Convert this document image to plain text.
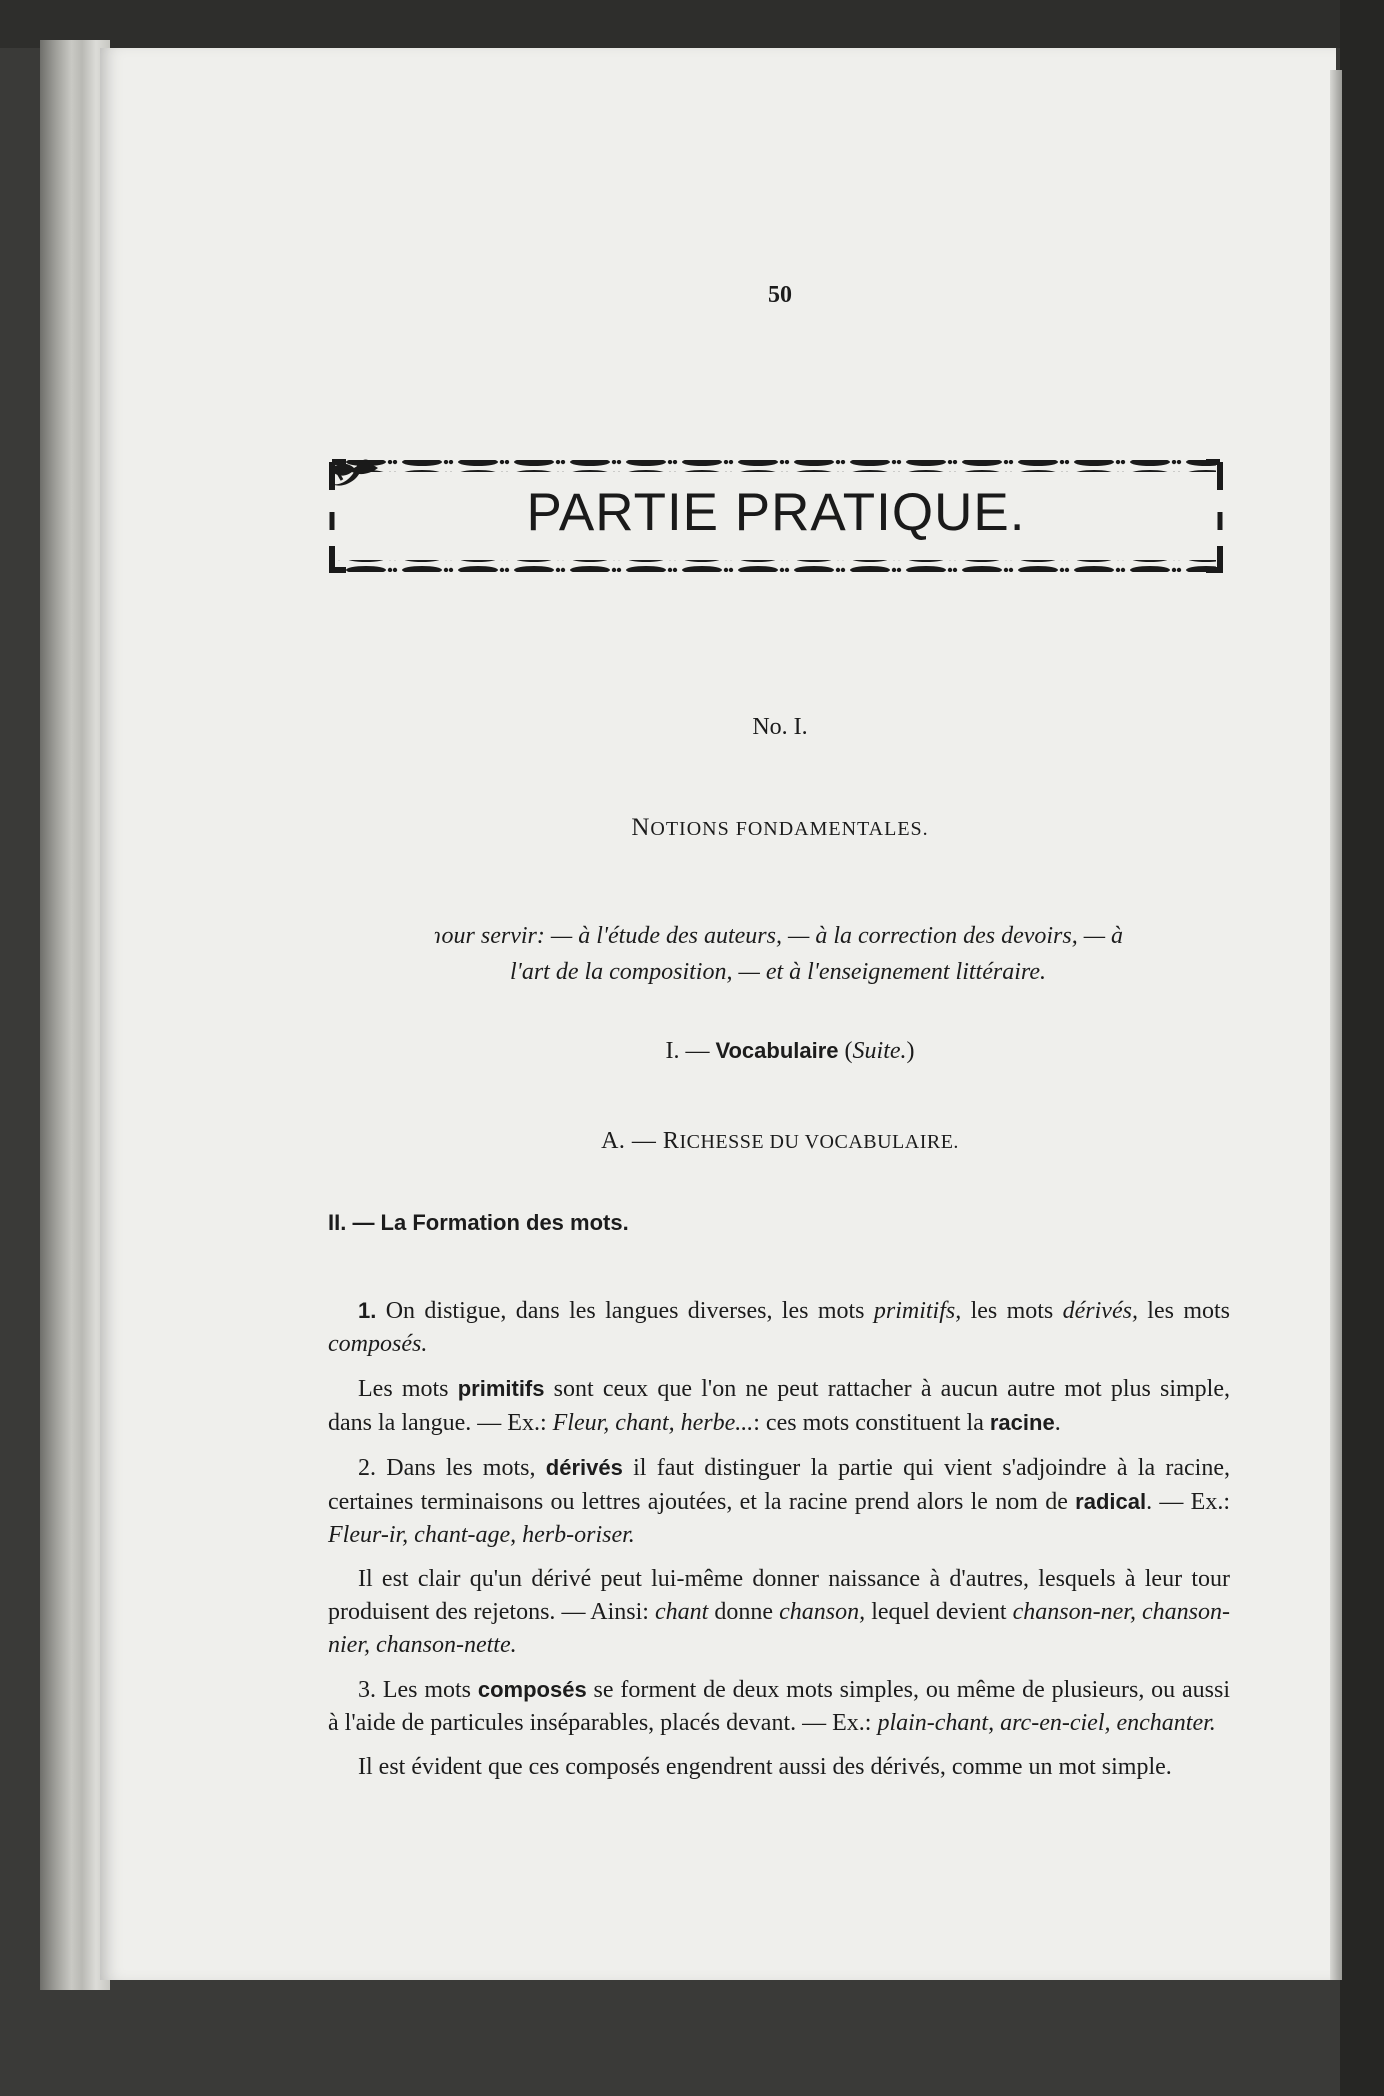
50
PARTIE PRATIQUE.
No. I.
NOTIONS FONDAMENTALES.
ɿour servir: — à l'étude des auteurs, — à la correction des devoirs, — à
l'art de la composition, — et à l'enseignement littéraire.
I. — Vocabulaire (Suite.)
A. — RICHESSE DU VOCABULAIRE.
II. — La Formation des mots.

1. On distigue, dans les langues diverses, les mots primitifs, les mots dérivés, les mots composés.

Les mots primitifs sont ceux que l'on ne peut rattacher à aucun autre mot plus simple, dans la langue. — Ex.: Fleur, chant, herbe...: ces mots constituent la racine.

2. Dans les mots, dérivés il faut distinguer la partie qui vient s'adjoindre à la racine, certaines terminaisons ou lettres ajoutées, et la racine prend alors le nom de radical. — Ex.: Fleur-ir, chant-age, herb-oriser.

Il est clair qu'un dérivé peut lui-même donner naissance à d'autres, lesquels à leur tour produisent des rejetons. — Ainsi: chant donne chanson, lequel devient chanson-ner, chanson-nier, chanson-nette.

3. Les mots composés se forment de deux mots simples, ou même de plusieurs, ou aussi à l'aide de particules inséparables, placés devant. — Ex.: plain-chant, arc-en-ciel, enchanter.

Il est évident que ces composés engendrent aussi des dérivés, comme un mot simple.
